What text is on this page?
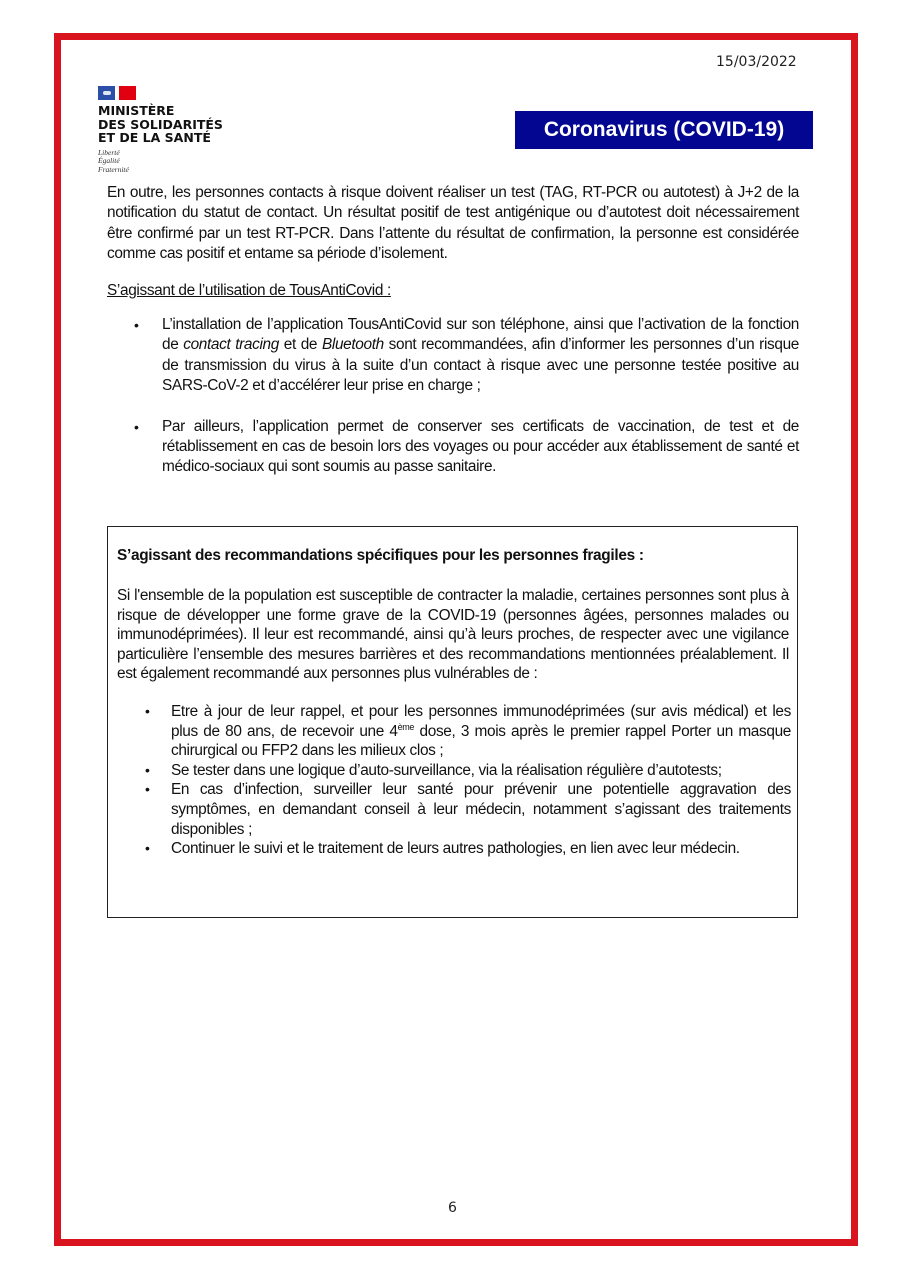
15/03/2022
MINISTÈRE
DES SOLIDARITÉS
ET DE LA SANTÉ
Liberté
Égalité
Fraternité
Coronavirus (COVID-19)

En outre, les personnes contacts à risque doivent réaliser un test (TAG, RT-PCR ou autotest) à J+2 de la notification du statut de contact. Un résultat positif de test antigénique ou d’autotest doit nécessairement être confirmé par un test RT-PCR. Dans l’attente du résultat de confirmation, la personne est considérée comme cas positif et entame sa période d’isolement.

S’agissant de l’utilisation de TousAntiCovid :
• L’installation de l’application TousAntiCovid sur son téléphone, ainsi que l’activation de la fonction de contact tracing et de Bluetooth sont recommandées, afin d’informer les personnes d’un risque de transmission du virus à la suite d’un contact à risque avec une personne testée positive au SARS-CoV-2 et d’accélérer leur prise en charge ;
• Par ailleurs, l’application permet de conserver ses certificats de vaccination, de test et de rétablissement en cas de besoin lors des voyages ou pour accéder aux établissement de santé et médico-sociaux qui sont soumis au passe sanitaire.
S’agissant des recommandations spécifiques pour les personnes fragiles :

Si l'ensemble de la population est susceptible de contracter la maladie, certaines personnes sont plus à risque de développer une forme grave de la COVID-19 (personnes âgées, personnes malades ou immunodéprimées). Il leur est recommandé, ainsi qu’à leurs proches, de respecter avec une vigilance particulière l’ensemble des mesures barrières et des recommandations mentionnées préalablement. Il est également recommandé aux personnes plus vulnérables de :

• Etre à jour de leur rappel, et pour les personnes immunodéprimées (sur avis médical) et les plus de 80 ans, de recevoir une 4ème dose, 3 mois après le premier rappel Porter un masque chirurgical ou FFP2 dans les milieux clos ;
• Se tester dans une logique d’auto-surveillance, via la réalisation régulière d’autotests;
• En cas d’infection, surveiller leur santé pour prévenir une potentielle aggravation des symptômes, en demandant conseil à leur médecin, notamment s’agissant des traitements disponibles ;
• Continuer le suivi et le traitement de leurs autres pathologies, en lien avec leur médecin.
6
